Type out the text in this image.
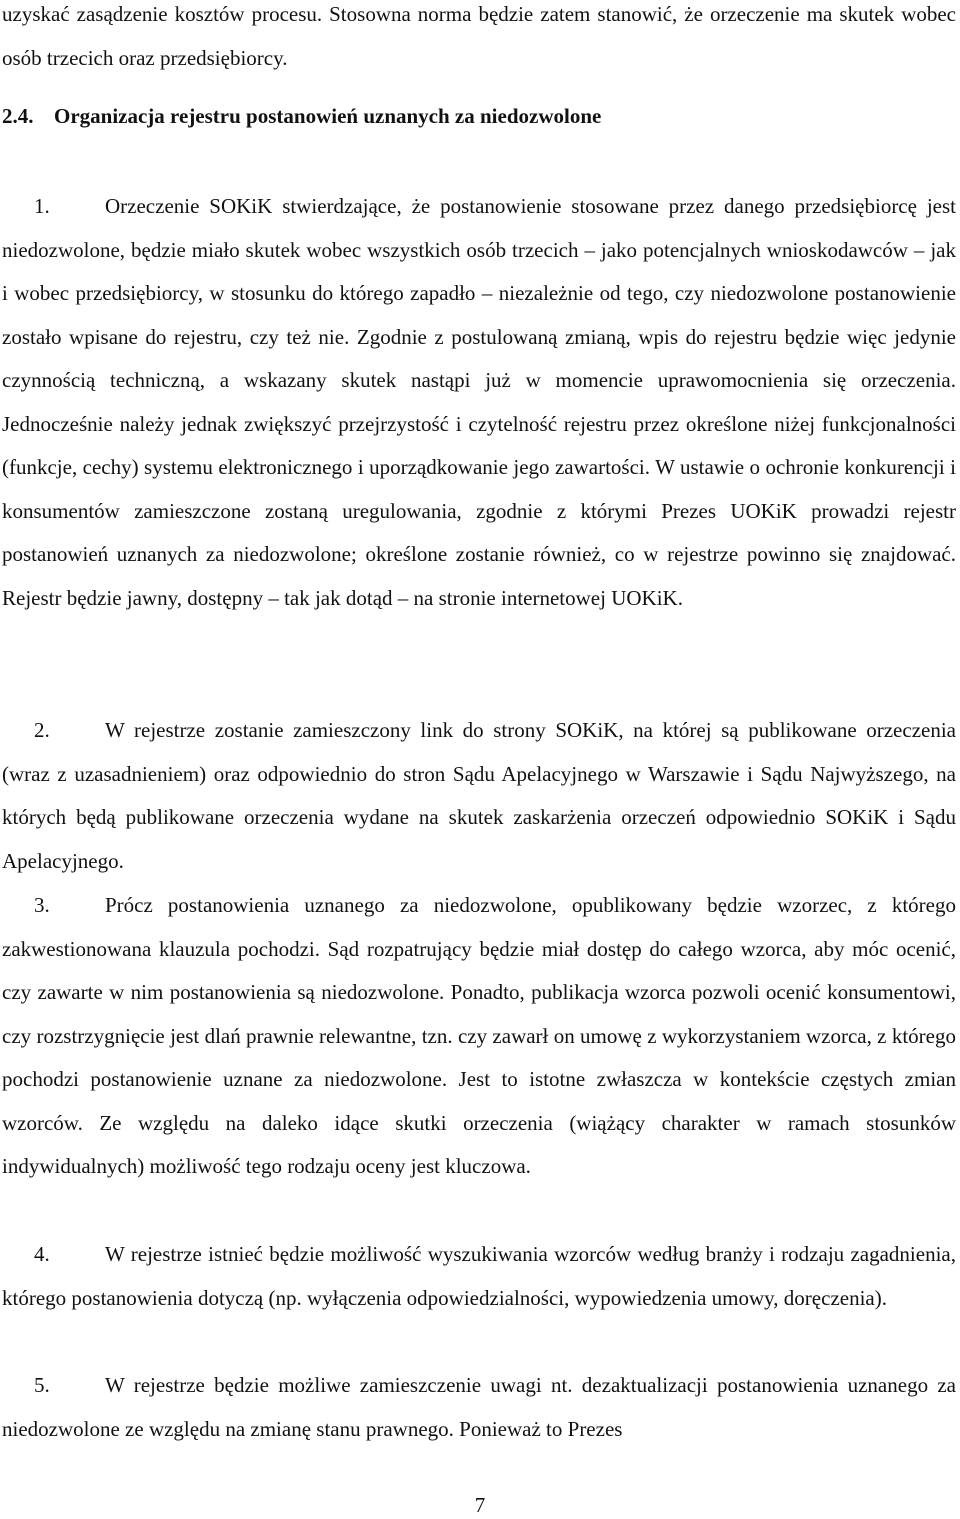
uzyskać zasądzenie kosztów procesu. Stosowna norma będzie zatem stanowić, że orzeczenie ma skutek wobec osób trzecich oraz przedsiębiorcy.

2.4. Organizacja rejestru postanowień uznanych za niedozwolone

1.	Orzeczenie SOKiK stwierdzające, że postanowienie stosowane przez danego przedsiębiorcę jest niedozwolone, będzie miało skutek wobec wszystkich osób trzecich – jako potencjalnych wnioskodawców – jak i wobec przedsiębiorcy, w stosunku do którego zapadło – niezależnie od tego, czy niedozwolone postanowienie zostało wpisane do rejestru, czy też nie. Zgodnie z postulowaną zmianą, wpis do rejestru będzie więc jedynie czynnością techniczną, a wskazany skutek nastąpi już w momencie uprawomocnienia się orzeczenia. Jednocześnie należy jednak zwiększyć przejrzystość i czytelność rejestru przez określone niżej funkcjonalności (funkcje, cechy) systemu elektronicznego i uporządkowanie jego zawartości. W ustawie o ochronie konkurencji i konsumentów zamieszczone zostaną uregulowania, zgodnie z którymi Prezes UOKiK prowadzi rejestr postanowień uznanych za niedozwolone; określone zostanie również, co w rejestrze powinno się znajdować. Rejestr będzie jawny, dostępny – tak jak dotąd – na stronie internetowej UOKiK.

2.	W rejestrze zostanie zamieszczony link do strony SOKiK, na której są publikowane orzeczenia (wraz z uzasadnieniem) oraz odpowiednio do stron Sądu Apelacyjnego w Warszawie i Sądu Najwyższego, na których będą publikowane orzeczenia wydane na skutek zaskarżenia orzeczeń odpowiednio SOKiK i Sądu Apelacyjnego.

3.	Prócz postanowienia uznanego za niedozwolone, opublikowany będzie wzorzec, z którego zakwestionowana klauzula pochodzi. Sąd rozpatrujący będzie miał dostęp do całego wzorca, aby móc ocenić, czy zawarte w nim postanowienia są niedozwolone. Ponadto, publikacja wzorca pozwoli ocenić konsumentowi, czy rozstrzygnięcie jest dlań prawnie relewantne, tzn. czy zawarł on umowę z wykorzystaniem wzorca, z którego pochodzi postanowienie uznane za niedozwolone. Jest to istotne zwłaszcza w kontekście częstych zmian wzorców. Ze względu na daleko idące skutki orzeczenia (wiążący charakter w ramach stosunków indywidualnych) możliwość tego rodzaju oceny jest kluczowa.

4.	W rejestrze istnieć będzie możliwość wyszukiwania wzorców według branży i rodzaju zagadnienia, którego postanowienia dotyczą (np. wyłączenia odpowiedzialności, wypowiedzenia umowy, doręczenia).

5.	W rejestrze będzie możliwe zamieszczenie uwagi nt. dezaktualizacji postanowienia uznanego za niedozwolone ze względu na zmianę stanu prawnego. Ponieważ to Prezes

7
